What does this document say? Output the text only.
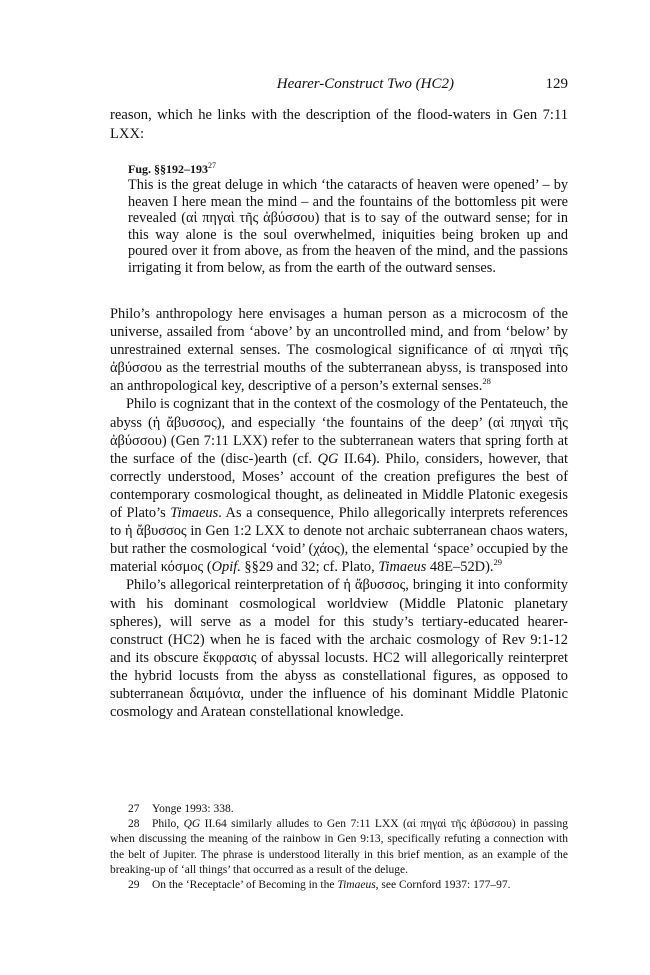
Hearer-Construct Two (HC2)	129
reason, which he links with the description of the flood-waters in Gen 7:11 LXX:
Fug. $\S\S 192-193^{27}$
This is the great deluge in which ‘the cataracts of heaven were opened’ – by heaven I here mean the mind – and the fountains of the bottomless pit were revealed (αἱ πηγαὶ τῆς ἀβύσσου) that is to say of the outward sense; for in this way alone is the soul overwhelmed, iniquities being broken up and poured over it from above, as from the heaven of the mind, and the passions irrigating it from below, as from the earth of the outward senses.

Philo’s anthropology here envisages a human person as a microcosm of the universe, assailed from ‘above’ by an uncontrolled mind, and from ‘below’ by unrestrained external senses. The cosmological significance of αἱ πηγαὶ τῆς ἀβύσσου as the terrestrial mouths of the subterranean abyss, is transposed into an anthropological key, descriptive of a person’s external senses.$^{28}$

Philo is cognizant that in the context of the cosmology of the Pentateuch, the abyss (ἡ ἄβυσσος), and especially ‘the fountains of the deep’ (αἱ πηγαὶ τῆς ἀβύσσου) (Gen 7:11 LXX) refer to the subterranean waters that spring forth at the surface of the (disc-)earth (cf. QG II.64). Philo, considers, however, that correctly understood, Moses’ account of the creation prefigures the best of contemporary cosmological thought, as delineated in Middle Platonic exegesis of Plato’s Timaeus. As a consequence, Philo allegorically interprets references to ἡ ἄβυσσος in Gen 1:2 LXX to denote not archaic subterranean chaos waters, but rather the cosmological ‘void’ (χάος), the elemental ‘space’ occupied by the material κόσμος (Opif. §§29 and 32; cf. Plato, Timaeus 48E–52D).$^{29}$

Philo’s allegorical reinterpretation of ἡ ἄβυσσος, bringing it into conformity with his dominant cosmological worldview (Middle Platonic planetary spheres), will serve as a model for this study’s tertiary-educated hearer-construct (HC2) when he is faced with the archaic cosmology of Rev 9:1-12 and its obscure ἔκφρασις of abyssal locusts. HC2 will allegorically reinterpret the hybrid locusts from the abyss as constellational figures, as opposed to subterranean δαιμόνια, under the influence of his dominant Middle Platonic cosmology and Aratean constellational knowledge.

27 Yonge 1993: 338.

28 Philo, QG II.64 similarly alludes to Gen 7:11 LXX (αἱ πηγαὶ τῆς ἀβύσσου) in passing when discussing the meaning of the rainbow in Gen 9:13, specifically refuting a connection with the belt of Jupiter. The phrase is understood literally in this brief mention, as an example of the breaking-up of ‘all things’ that occurred as a result of the deluge.

29 On the ‘Receptacle’ of Becoming in the Timaeus, see Cornford 1937: 177–97.
